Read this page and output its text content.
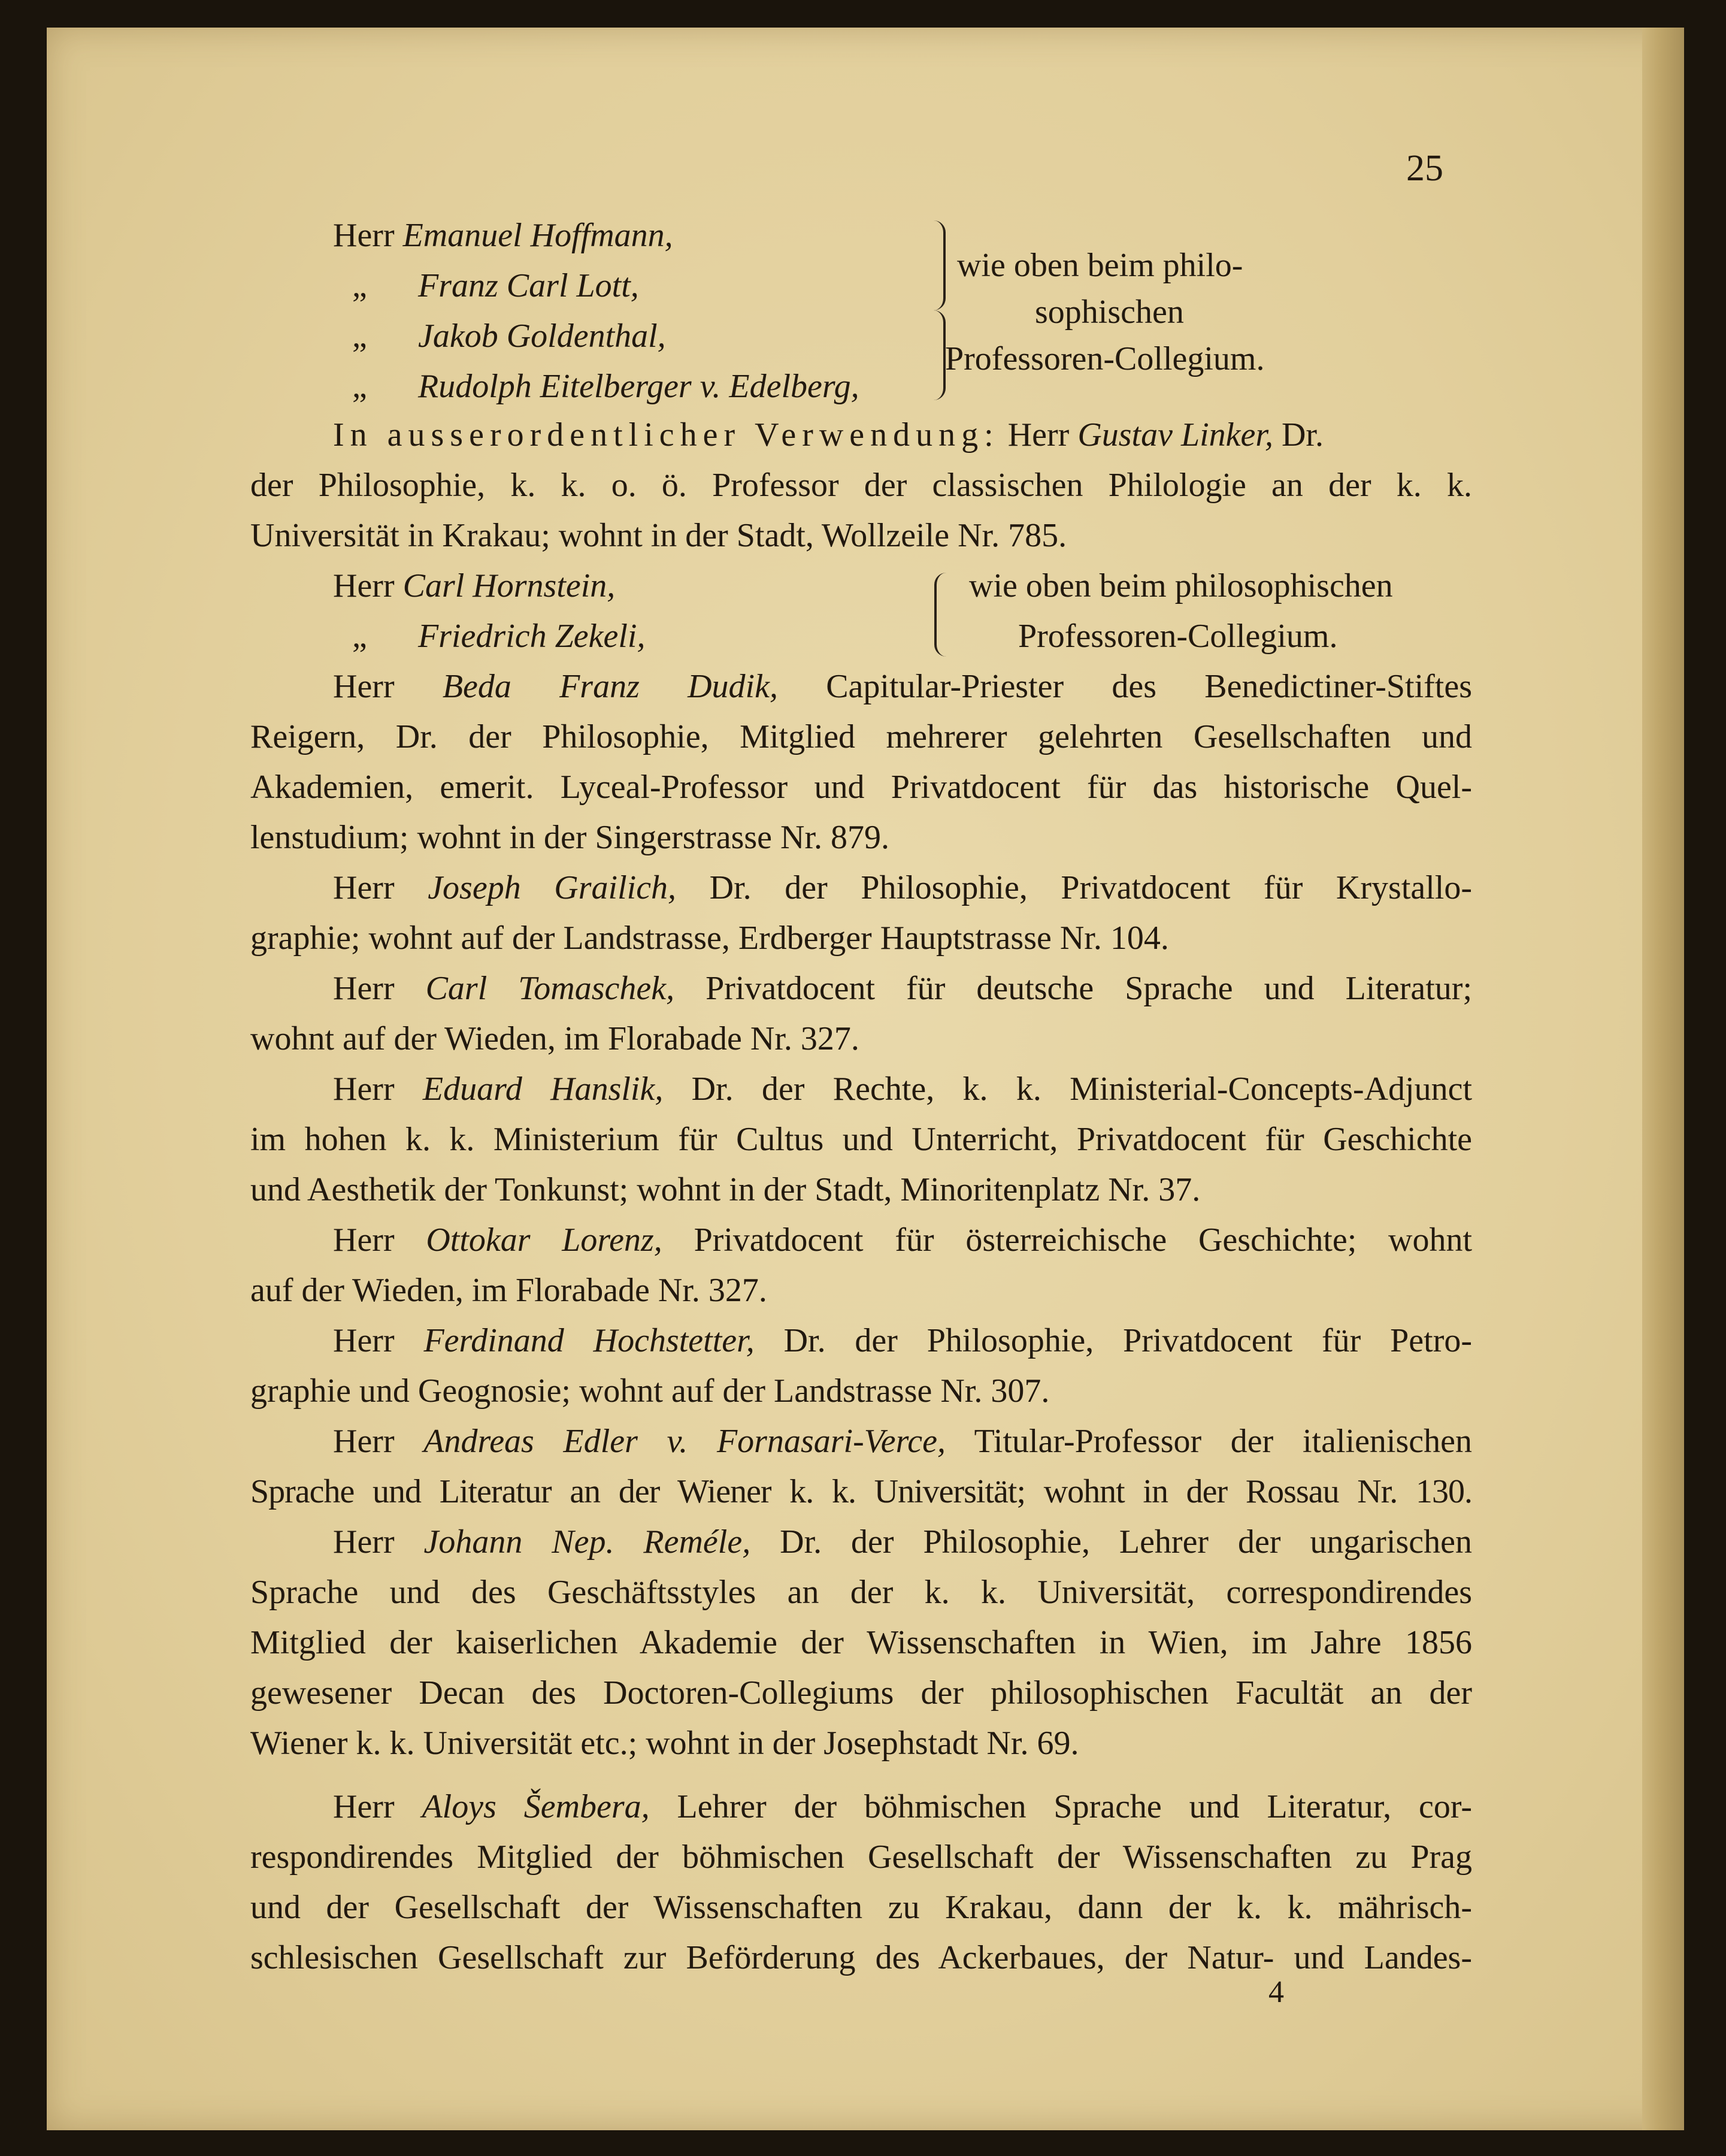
25
Herr Emanuel Hoffmann,
„ Franz Carl Lott,
„ Jakob Goldenthal,
„ Rudolph Eitelberger v. Edelberg,
wie oben beim philo-
sophischen
Professoren-Collegium.
In ausserordentlicher Verwendung: Herr Gustav Linker, Dr.
der Philosophie, k. k. o. ö. Professor der classischen Philologie an der k. k.
Universität in Krakau; wohnt in der Stadt, Wollzeile Nr. 785.
Herr Carl Hornstein,
„ Friedrich Zekeli,
wie oben beim philosophischen
Professoren-Collegium.
Herr Beda Franz Dudik, Capitular-Priester des Benedictiner-Stiftes
Reigern, Dr. der Philosophie, Mitglied mehrerer gelehrten Gesellschaften und
Akademien, emerit. Lyceal-Professor und Privatdocent für das historische Quel-
lenstudium; wohnt in der Singerstrasse Nr. 879.
Herr Joseph Grailich, Dr. der Philosophie, Privatdocent für Krystallo-
graphie; wohnt auf der Landstrasse, Erdberger Hauptstrasse Nr. 104.
Herr Carl Tomaschek, Privatdocent für deutsche Sprache und Literatur;
wohnt auf der Wieden, im Florabade Nr. 327.
Herr Eduard Hanslik, Dr. der Rechte, k. k. Ministerial-Concepts-Adjunct
im hohen k. k. Ministerium für Cultus und Unterricht, Privatdocent für Geschichte
und Aesthetik der Tonkunst; wohnt in der Stadt, Minoritenplatz Nr. 37.
Herr Ottokar Lorenz, Privatdocent für österreichische Geschichte; wohnt
auf der Wieden, im Florabade Nr. 327.
Herr Ferdinand Hochstetter, Dr. der Philosophie, Privatdocent für Petro-
graphie und Geognosie; wohnt auf der Landstrasse Nr. 307.
Herr Andreas Edler v. Fornasari-Verce, Titular-Professor der italienischen
Sprache und Literatur an der Wiener k. k. Universität; wohnt in der Rossau Nr. 130.
Herr Johann Nep. Reméle, Dr. der Philosophie, Lehrer der ungarischen
Sprache und des Geschäftsstyles an der k. k. Universität, correspondirendes
Mitglied der kaiserlichen Akademie der Wissenschaften in Wien, im Jahre 1856
gewesener Decan des Doctoren-Collegiums der philosophischen Facultät an der
Wiener k. k. Universität etc.; wohnt in der Josephstadt Nr. 69.
Herr Aloys Šembera, Lehrer der böhmischen Sprache und Literatur, cor-
respondirendes Mitglied der böhmischen Gesellschaft der Wissenschaften zu Prag
und der Gesellschaft der Wissenschaften zu Krakau, dann der k. k. mährisch-
schlesischen Gesellschaft zur Beförderung des Ackerbaues, der Natur- und Landes-
4
